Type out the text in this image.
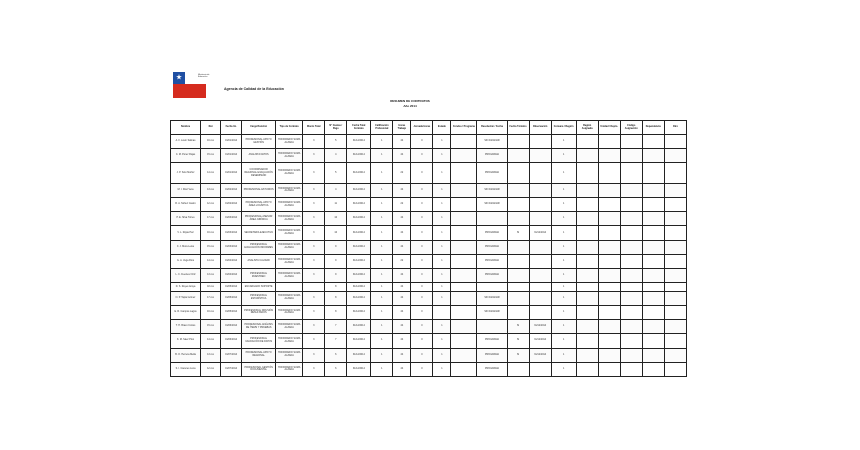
Ministerio de Educación
Agencia de Calidad de la Educación
RESUMEN DE CONTRATOS
Año 2014
Nombre	Rut	Fecha Ini.	Cargo/Función	Tipo de Contrato	Monto Total	N° Cuotas / Pago	Fecha Total Contrato	Calificación Profesional	Horas Trabajo	Jornada Horas	Estado	Fondos / Programa	Resolución / Fecha	Fecha Término	Observación	Comuna / Región	Región Asignada	Unidad / Depto.	Código Asignación	Dependencia	Otro
A. F. Lavín Salinas	16.xxx	01/01/2014	PROFESIONAL APOYO GESTIÓN	HONORARIO SUMA ALZADA	3	5	31/12/2014	1	44	0	1		SIN ASIGNAR			1					
C. M. Pérez Rojas	15.xxx	01/01/2014	ANALISTA DATOS	HONORARIO SUMA ALZADA	3	4	31/12/2014	1	44	0	1		PROGRAMA			1					
J. P. Soto Muñoz	14.xxx	01/01/2014	COORDINADOR REGIONAL EVALUACIÓN DESEMPEÑO	HONORARIO SUMA ALZADA	3	5	31/12/2014	1	22	0	1		PROGRAMA			1					
M. I. Díaz Vera	13.xxx	01/02/2014	PROFESIONAL ESTUDIOS	HONORARIO SUMA ALZADA	3	4	31/12/2014	1	44	0	1		SIN ASIGNAR			1					
R. A. Núñez Castro	12.xxx	01/02/2014	PROFESIONAL APOYO ÁREA LOGÍSTICA	HONORARIO SUMA ALZADA	3	11	31/12/2014	1	22	0	1		SIN ASIGNAR			1					
P. E. Silva Torres	17.xxx	01/03/2014	PROFESIONAL ASESOR ÁREA JURÍDICA	HONORARIO SUMA ALZADA	3	10	31/12/2014	1	44	0	1					1					
V. L. Rojas Paz	16.xxx	01/03/2014	SECRETARIA EJECUTIVA	HONORARIO SUMA ALZADA	3	10	31/12/2014	1	44	0	1		PROGRAMA	SI	31/12/2014	1					
F. J. Mora Leiva	15.xxx	01/03/2014	PROFESIONAL EVALUACIÓN INFORMES	HONORARIO SUMA ALZADA	3	9	31/12/2014	1	44	0	1		PROGRAMA			1					
G. A. Vega Ríos	14.xxx	01/04/2014	ANALISTA CALIDAD	HONORARIO SUMA ALZADA	3	9	31/12/2014	1	22	0	1		PROGRAMA			1					
L. C. Fuentes Ortiz	13.xxx	01/04/2014	PROFESIONAL MUESTREO	HONORARIO SUMA ALZADA	3	9	31/12/2014	1	44	0	1		PROGRAMA			1					
D. S. Reyes Araya	18.xxx	01/05/2014	ENCARGADO SOPORTE			8	31/12/2014	1	44	0	1					1					
N. P. Tapia Gómez	17.xxx	01/05/2014	PROFESIONAL ESTADÍSTICA	HONORARIO SUMA ALZADA	3	8	31/12/2014	1	44	0	1		SIN ASIGNAR			1					
E. R. Campos Lagos	16.xxx	01/05/2014	PROFESIONAL DIFUSIÓN RESULTADOS	HONORARIO SUMA ALZADA	3	8	31/12/2014	1	44	0			SIN ASIGNAR			1					
T. H. Bravo Cortés	15.xxx	01/06/2014	PROFESIONAL ANÁLISIS DE ÍTEMS Y PRUEBAS	HONORARIO SUMA ALZADA	3	7	31/12/2014	1	44	0	1			SI	31/12/2014	1					
K. M. Sáez Pino	14.xxx	01/06/2014	PROFESIONAL VALIDACIÓN DE DATOS	HONORARIO SUMA ALZADA	3	7	31/12/2014	1	44	0	1		PROGRAMA	SI	31/12/2014	1					
B. O. Herrera Mella	13.xxx	01/07/2014	PROFESIONAL APOYO REGIONAL	HONORARIO SUMA ALZADA	3	6	31/12/2014	1	44	0	1		PROGRAMA	SI	31/12/2014	1					
S. I. Cáceres Luna	12.xxx	01/07/2014	PROFESIONAL GESTIÓN DOCUMENTAL	HONORARIO SUMA ALZADA	3	6	31/12/2014	1	44	0	1		PROGRAMA			1					
